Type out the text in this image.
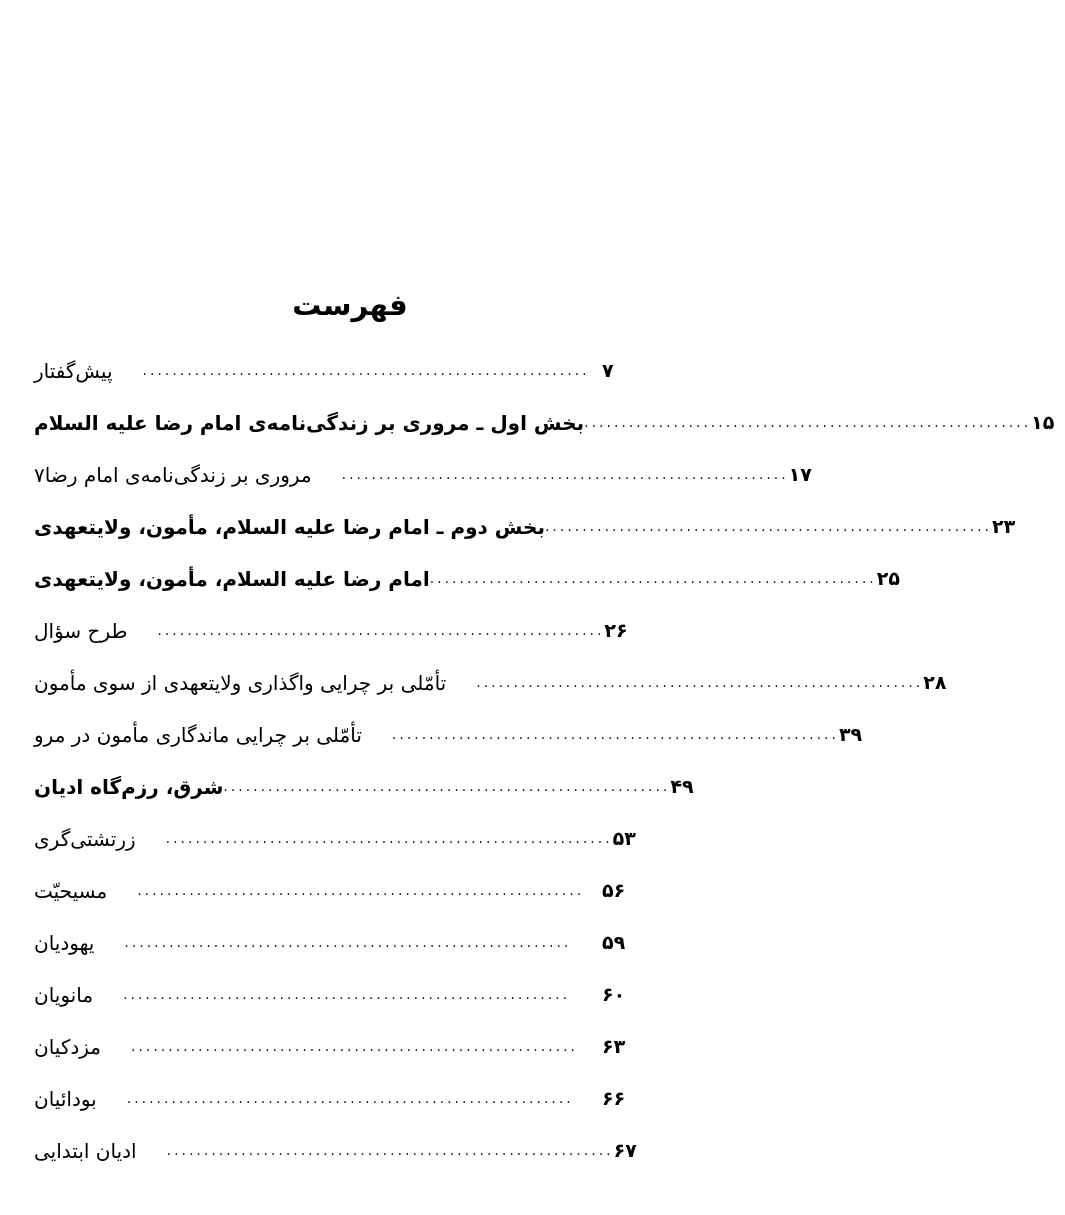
فهرست
پیش‌گفتار ............................................................ ۷
بخش اول ـ مروری بر زندگی‌نامه‌ی امام رضا علیه السلام ............................................................ ۱۵
مروری بر زندگی‌نامه‌ی امام رضا۷ ............................................................ ۱۷
بخش دوم ـ امام رضا علیه السلام، مأمون، ولایتعهدی ............................................................ ۲۳
امام رضا علیه السلام، مأمون، ولایتعهدی ............................................................ ۲۵
طرح سؤال ............................................................ ۲۶
تأمّلی بر چرایی واگذاری ولایتعهدی از سوی مأمون ............................................................ ۲۸
تأمّلی بر چرایی ماندگاری مأمون در مرو ............................................................ ۳۹
شرق، رزم‌گاه ادیان ............................................................ ۴۹
زرتشتی‌گری ............................................................ ۵۳
مسیحیّت ............................................................ ۵۶
یهودیان ............................................................	۵۹
مانویان ............................................................	۶۰
مزدکیان ............................................................	۶۳
بودائیان ............................................................	۶۶
ادیان ابتدایی ............................................................ ۶۷
